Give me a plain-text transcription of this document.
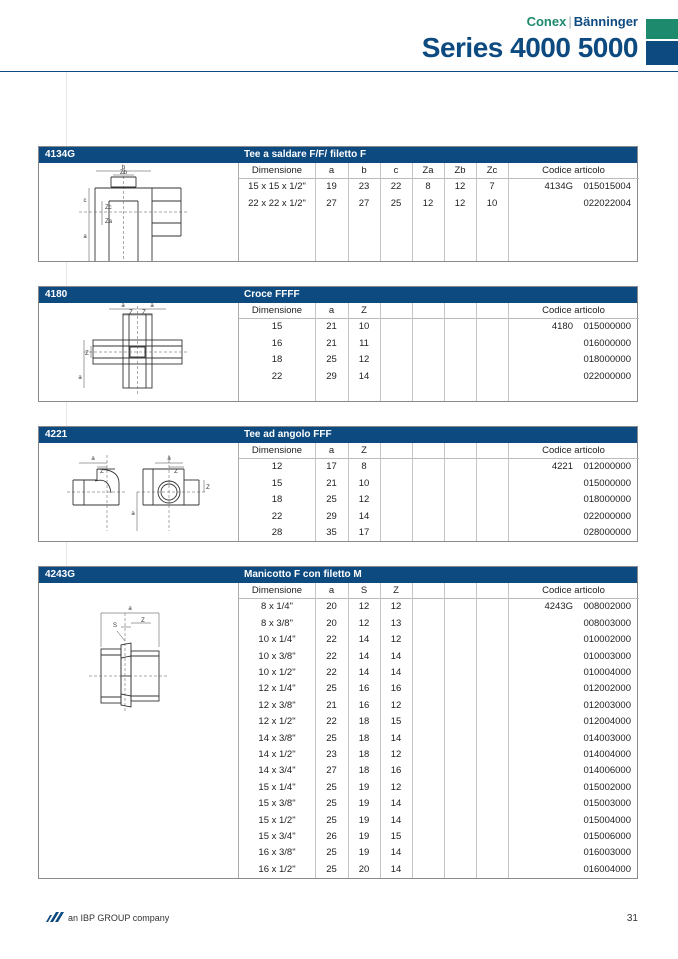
Conex | Bänninger
Series 4000 5000
4134G	Tee a saldare F/F/ filetto F
b
Zb
c
Zc
Za
a
Dimensione	a	b	c	Za	Zb	Zc	Codice articolo
15 x 15 x 1/2"	19	23	22	8	12	7	4134G	015015004
22 x 22 x 1/2"	27	27	25	12	12	10	022022004
4180	Croce FFFF
a	a
Z Z
Z
a
Dimensione	a	Z	Codice articolo
15	21	10	4180	015000000
16	21	11	016000000
18	25	12	018000000
22	29	14	022000000
4221	Tee ad angolo FFF
a
Z
a
Z
Z
a
Dimensione	a	Z	Codice articolo
12	17	8	4221	012000000
15	21	10	015000000
18	25	12	018000000
22	29	14	022000000
28	35	17	028000000
4243G	Manicotto F con filetto M
a
S
Z
Dimensione	a	S	Z	Codice articolo
8 x 1/4"	20	12	12	4243G	008002000
8 x 3/8"	20	12	13	008003000
10 x 1/4"	22	14	12	010002000
10 x 3/8"	22	14	14	010003000
10 x 1/2"	22	14	14	010004000
12 x 1/4"	25	16	16	012002000
12 x 3/8"	21	16	12	012003000
12 x 1/2"	22	18	15	012004000
14 x 3/8"	25	18	14	014003000
14 x 1/2"	23	18	12	014004000
14 x 3/4"	27	18	16	014006000
15 x 1/4"	25	19	12	015002000
15 x 3/8"	25	19	14	015003000
15 x 1/2"	25	19	14	015004000
15 x 3/4"	26	19	15	015006000
16 x 3/8"	25	19	14	016003000
16 x 1/2"	25	20	14	016004000
an IBP GROUP company	31
